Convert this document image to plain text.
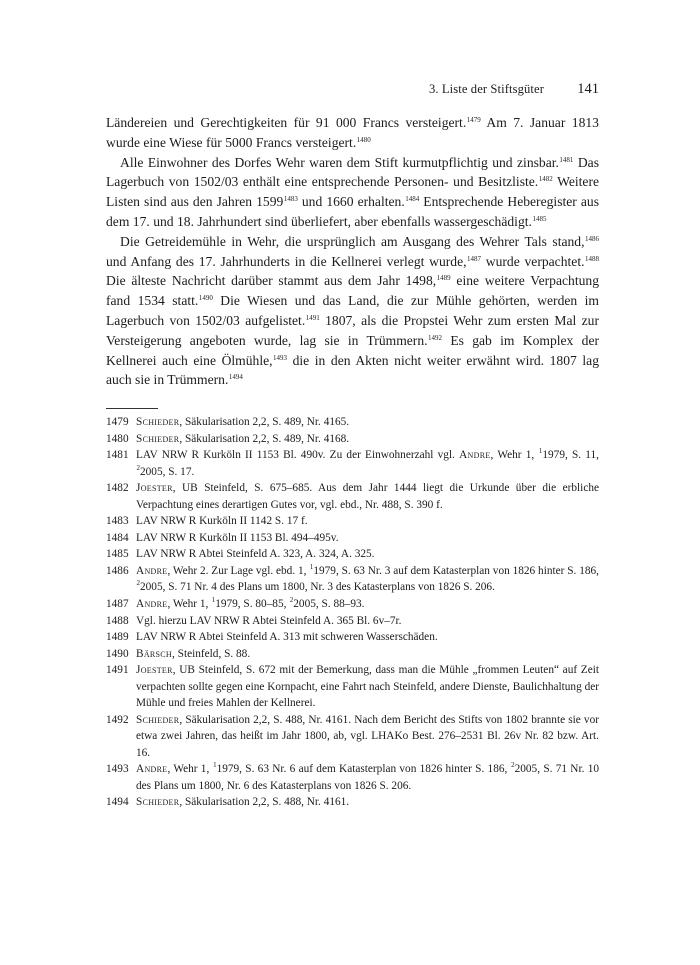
3. Liste der Stiftsgüter 141

Ländereien und Gerechtigkeiten für 91 000 Francs versteigert.$^{1479}$ Am 7. Januar 1813 wurde eine Wiese für 5000 Francs versteigert.$^{1480}$

Alle Einwohner des Dorfes Wehr waren dem Stift kurmutpflichtig und zinsbar.$^{1481}$ Das Lagerbuch von 1502/03 enthält eine entsprechende Personen- und Besitzliste.$^{1482}$ Weitere Listen sind aus den Jahren 1599$^{1483}$ und 1660 erhalten.$^{1484}$ Entsprechende Heberegister aus dem 17. und 18. Jahrhundert sind überliefert, aber ebenfalls wassergeschädigt.$^{1485}$

Die Getreidemühle in Wehr, die ursprünglich am Ausgang des Wehrer Tals stand,$^{1486}$ und Anfang des 17. Jahrhunderts in die Kellnerei verlegt wurde,$^{1487}$ wurde verpachtet.$^{1488}$ Die älteste Nachricht darüber stammt aus dem Jahr 1498,$^{1489}$ eine weitere Verpachtung fand 1534 statt.$^{1490}$ Die Wiesen und das Land, die zur Mühle gehörten, werden im Lagerbuch von 1502/03 aufgelistet.$^{1491}$ 1807, als die Propstei Wehr zum ersten Mal zur Versteigerung angeboten wurde, lag sie in Trümmern.$^{1492}$ Es gab im Komplex der Kellnerei auch eine Ölmühle,$^{1493}$ die in den Akten nicht weiter erwähnt wird. 1807 lag auch sie in Trümmern.$^{1494}$

1479 Schieder, Säkularisation 2,2, S. 489, Nr. 4165.
1480 Schieder, Säkularisation 2,2, S. 489, Nr. 4168.
1481 LAV NRW R Kurköln II 1153 Bl. 490v. Zu der Einwohnerzahl vgl. Andre, Wehr 1, $^1$1979, S. 11, $^2$2005, S. 17.
1482 Joester, UB Steinfeld, S. 675–685. Aus dem Jahr 1444 liegt die Urkunde über die erbliche Verpachtung eines derartigen Gutes vor, vgl. ebd., Nr. 488, S. 390 f.
1483 LAV NRW R Kurköln II 1142 S. 17 f.
1484 LAV NRW R Kurköln II 1153 Bl. 494–495v.
1485 LAV NRW R Abtei Steinfeld A. 323, A. 324, A. 325.
1486 Andre, Wehr 2. Zur Lage vgl. ebd. 1, $^1$1979, S. 63 Nr. 3 auf dem Katasterplan von 1826 hinter S. 186, $^2$2005, S. 71 Nr. 4 des Plans um 1800, Nr. 3 des Katasterplans von 1826 S. 206.
1487 Andre, Wehr 1, $^1$1979, S. 80–85, $^2$2005, S. 88–93.
1488 Vgl. hierzu LAV NRW R Abtei Steinfeld A. 365 Bl. 6v–7r.
1489 LAV NRW R Abtei Steinfeld A. 313 mit schweren Wasserschäden.
1490 Bärsch, Steinfeld, S. 88.
1491 Joester, UB Steinfeld, S. 672 mit der Bemerkung, dass man die Mühle „frommen Leuten“ auf Zeit verpachten sollte gegen eine Kornpacht, eine Fahrt nach Steinfeld, andere Dienste, Baulichhaltung der Mühle und freies Mahlen der Kellnerei.
1492 Schieder, Säkularisation 2,2, S. 488, Nr. 4161. Nach dem Bericht des Stifts von 1802 brannte sie vor etwa zwei Jahren, das heißt im Jahr 1800, ab, vgl. LHAKo Best. 276–2531 Bl. 26v Nr. 82 bzw. Art. 16.
1493 Andre, Wehr 1, $^1$1979, S. 63 Nr. 6 auf dem Katasterplan von 1826 hinter S. 186, $^2$2005, S. 71 Nr. 10 des Plans um 1800, Nr. 6 des Katasterplans von 1826 S. 206.
1494 Schieder, Säkularisation 2,2, S. 488, Nr. 4161.
